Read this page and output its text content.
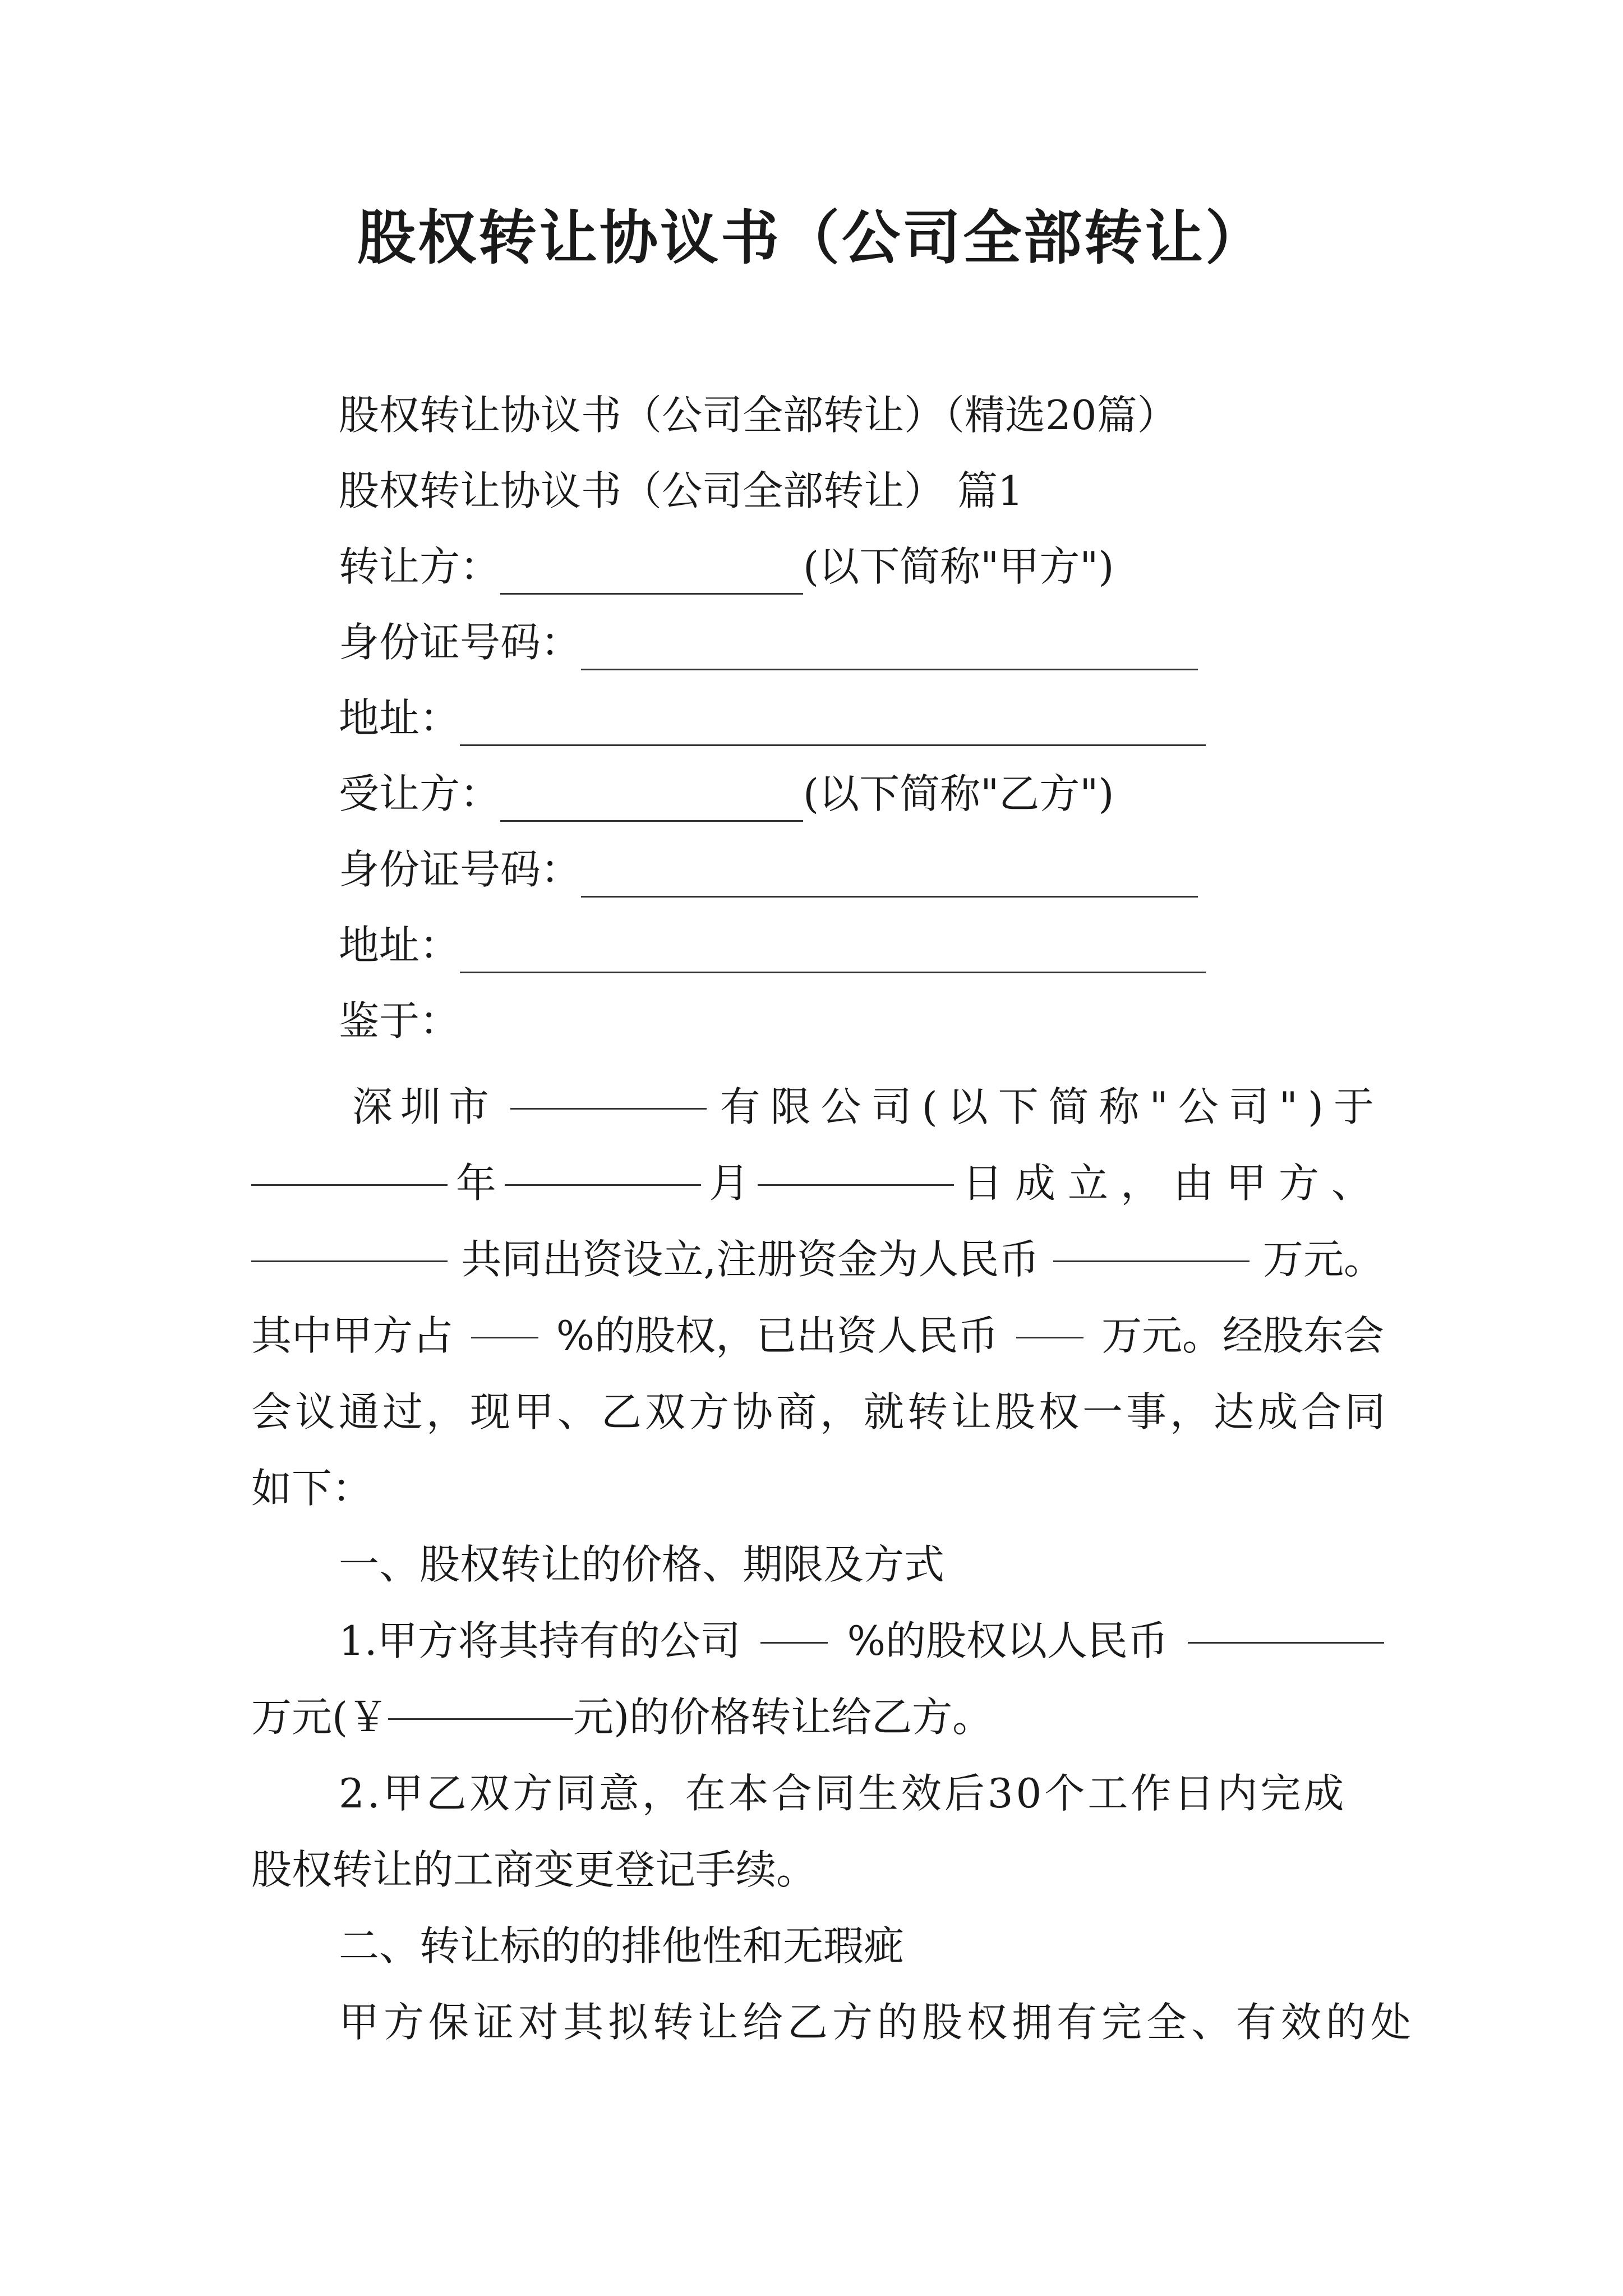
股权转让协议书（公司全部转让）
股权转让协议书（公司全部转让）（精选20篇）
股权转让协议书（公司全部转让） 篇1
转让方：	(以下简称"甲方")
身份证号码：
地址：
受让方：	(以下简称"乙方")
身份证号码：
地址：
鉴于：
深圳市	有限公司(以下简称"公司")于
年	月	日成立，由甲方、
共同出资设立,注册资金为人民币	万元。
其中甲方占	%的股权，已出资人民币	万元。经股东会
会议通过，现甲、乙双方协商，就转让股权一事，达成合同
如下：
一、股权转让的价格、期限及方式
1.甲方将其持有的公司	%的股权以人民币
万元(￥	元)的价格转让给乙方。
2.甲乙双方同意，在本合同生效后30个工作日内完成
股权转让的工商变更登记手续。
二、转让标的的排他性和无瑕疵
甲方保证对其拟转让给乙方的股权拥有完全、有效的处
